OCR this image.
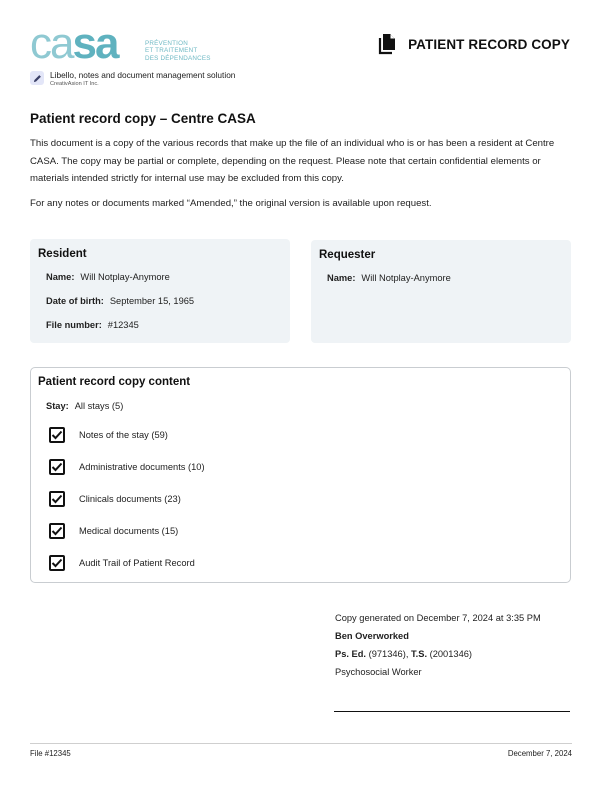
casa	PRÉVENTION
ET TRAITEMENT
DES DÉPENDANCES
Libello, notes and document management solution
CreativAsion IT Inc.
PATIENT RECORD COPY
Patient record copy – Centre CASA
This document is a copy of the various records that make up the file of an individual who is or has been a resident at Centre CASA. The copy may be partial or complete, depending on the request. Please note that certain confidential elements or materials intended strictly for internal use may be excluded from this copy.
For any notes or documents marked “Amended,” the original version is available upon request.
Resident
Name: Will Notplay-Anymore
Date of birth: September 15, 1965
File number: #12345
Requester
Name: Will Notplay-Anymore
Patient record copy content
Stay: All stays (5)
Notes of the stay (59)
Administrative documents (10)
Clinicals documents (23)
Medical documents (15)
Audit Trail of Patient Record
Copy generated on December 7, 2024 at 3:35 PM
Ben Overworked
Ps. Ed. (971346), T.S. (2001346)
Psychosocial Worker
File #12345	December 7, 2024
